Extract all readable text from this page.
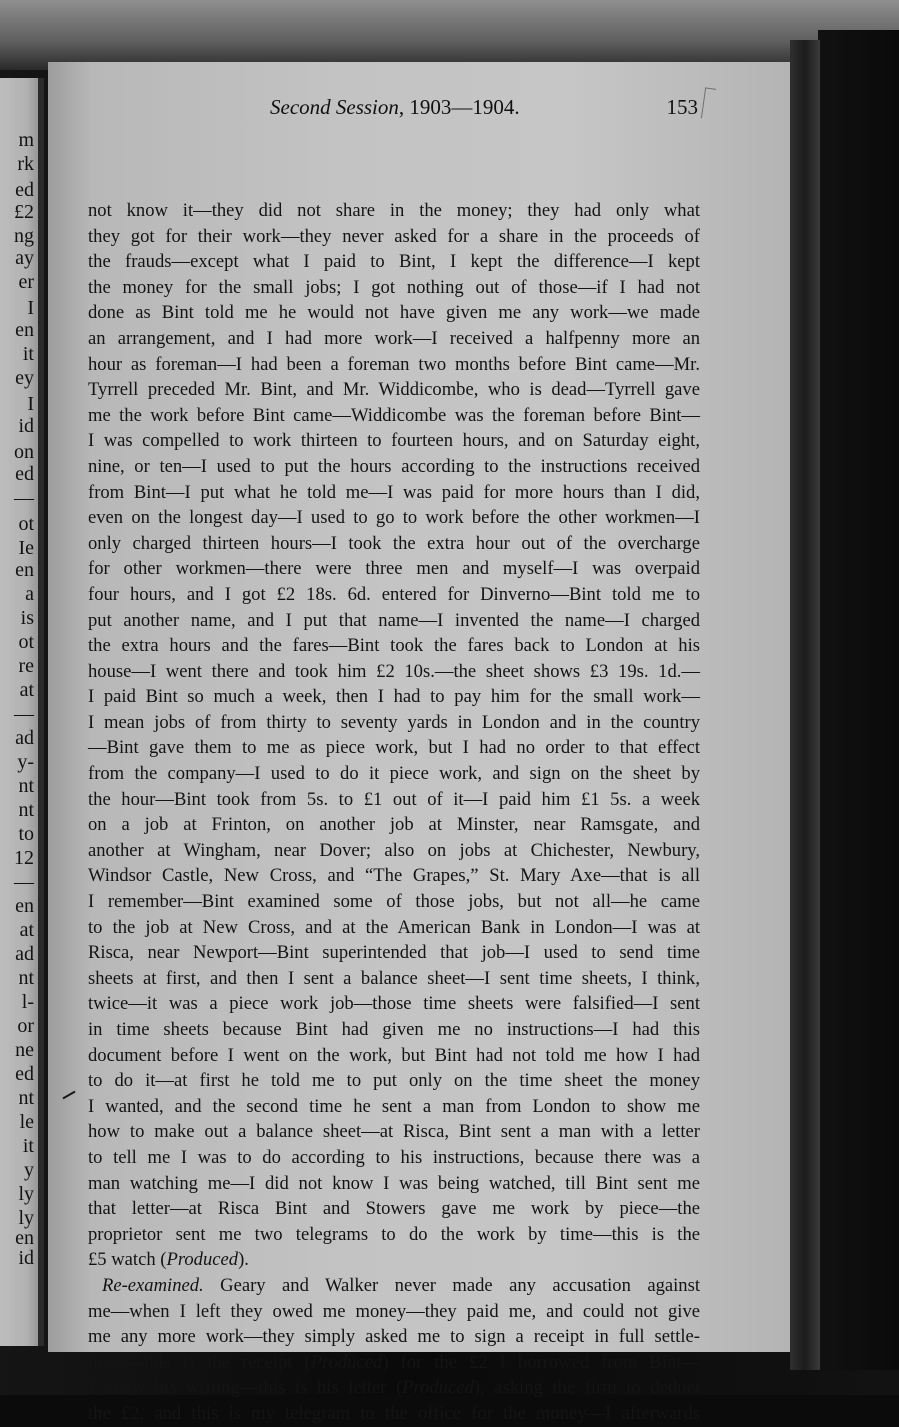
m
rk
ed
£2
ng
ay
er
I
en
it
ey
I
id
on
ed
—
ot
Ie
en
a
is
ot
re
at
—
ad
y-
nt
nt
to
12
—
en
at
ad
nt
l-
or
ne
ed
nt
le
it
y
ly
ly
en
id
Second Session, 1903—1904.	153
not know it—they did not share in the money; they had only what
they got for their work—they never asked for a share in the proceeds of
the frauds—except what I paid to Bint, I kept the difference—I kept
the money for the small jobs; I got nothing out of those—if I had not
done as Bint told me he would not have given me any work—we made
an arrangement, and I had more work—I received a halfpenny more an
hour as foreman—I had been a foreman two months before Bint came—Mr.
Tyrrell preceded Mr. Bint, and Mr. Widdicombe, who is dead—Tyrrell gave
me the work before Bint came—Widdicombe was the foreman before Bint—
I was compelled to work thirteen to fourteen hours, and on Saturday eight,
nine, or ten—I used to put the hours according to the instructions received
from Bint—I put what he told me—I was paid for more hours than I did,
even on the longest day—I used to go to work before the other workmen—I
only charged thirteen hours—I took the extra hour out of the overcharge
for other workmen—there were three men and myself—I was overpaid
four hours, and I got £2 18s. 6d. entered for Dinverno—Bint told me to
put another name, and I put that name—I invented the name—I charged
the extra hours and the fares—Bint took the fares back to London at his
house—I went there and took him £2 10s.—the sheet shows £3 19s. 1d.—
I paid Bint so much a week, then I had to pay him for the small work—
I mean jobs of from thirty to seventy yards in London and in the country
—Bint gave them to me as piece work, but I had no order to that effect
from the company—I used to do it piece work, and sign on the sheet by
the hour—Bint took from 5s. to £1 out of it—I paid him £1 5s. a week
on a job at Frinton, on another job at Minster, near Ramsgate, and
another at Wingham, near Dover; also on jobs at Chichester, Newbury,
Windsor Castle, New Cross, and “The Grapes,” St. Mary Axe—that is all
I remember—Bint examined some of those jobs, but not all—he came
to the job at New Cross, and at the American Bank in London—I was at
Risca, near Newport—Bint superintended that job—I used to send time
sheets at first, and then I sent a balance sheet—I sent time sheets, I think,
twice—it was a piece work job—those time sheets were falsified—I sent
in time sheets because Bint had given me no instructions—I had this
document before I went on the work, but Bint had not told me how I had
to do it—at first he told me to put only on the time sheet the money
I wanted, and the second time he sent a man from London to show me
how to make out a balance sheet—at Risca, Bint sent a man with a letter
to tell me I was to do according to his instructions, because there was a
man watching me—I did not know I was being watched, till Bint sent me
that letter—at Risca Bint and Stowers gave me work by piece—the
proprietor sent me two telegrams to do the work by time—this is the
£5 watch (Produced).
Re-examined. Geary and Walker never made any accusation against
me—when I left they owed me money—they paid me, and could not give
me any more work—they simply asked me to sign a receipt in full settle-
ment—this is the receipt (Produced) for the £2 I borrowed from Bint—
I know his writing—this is his letter (Produced), asking the firm to deduct
the £2, and this is my telegram to the office for the money—I afterwards
